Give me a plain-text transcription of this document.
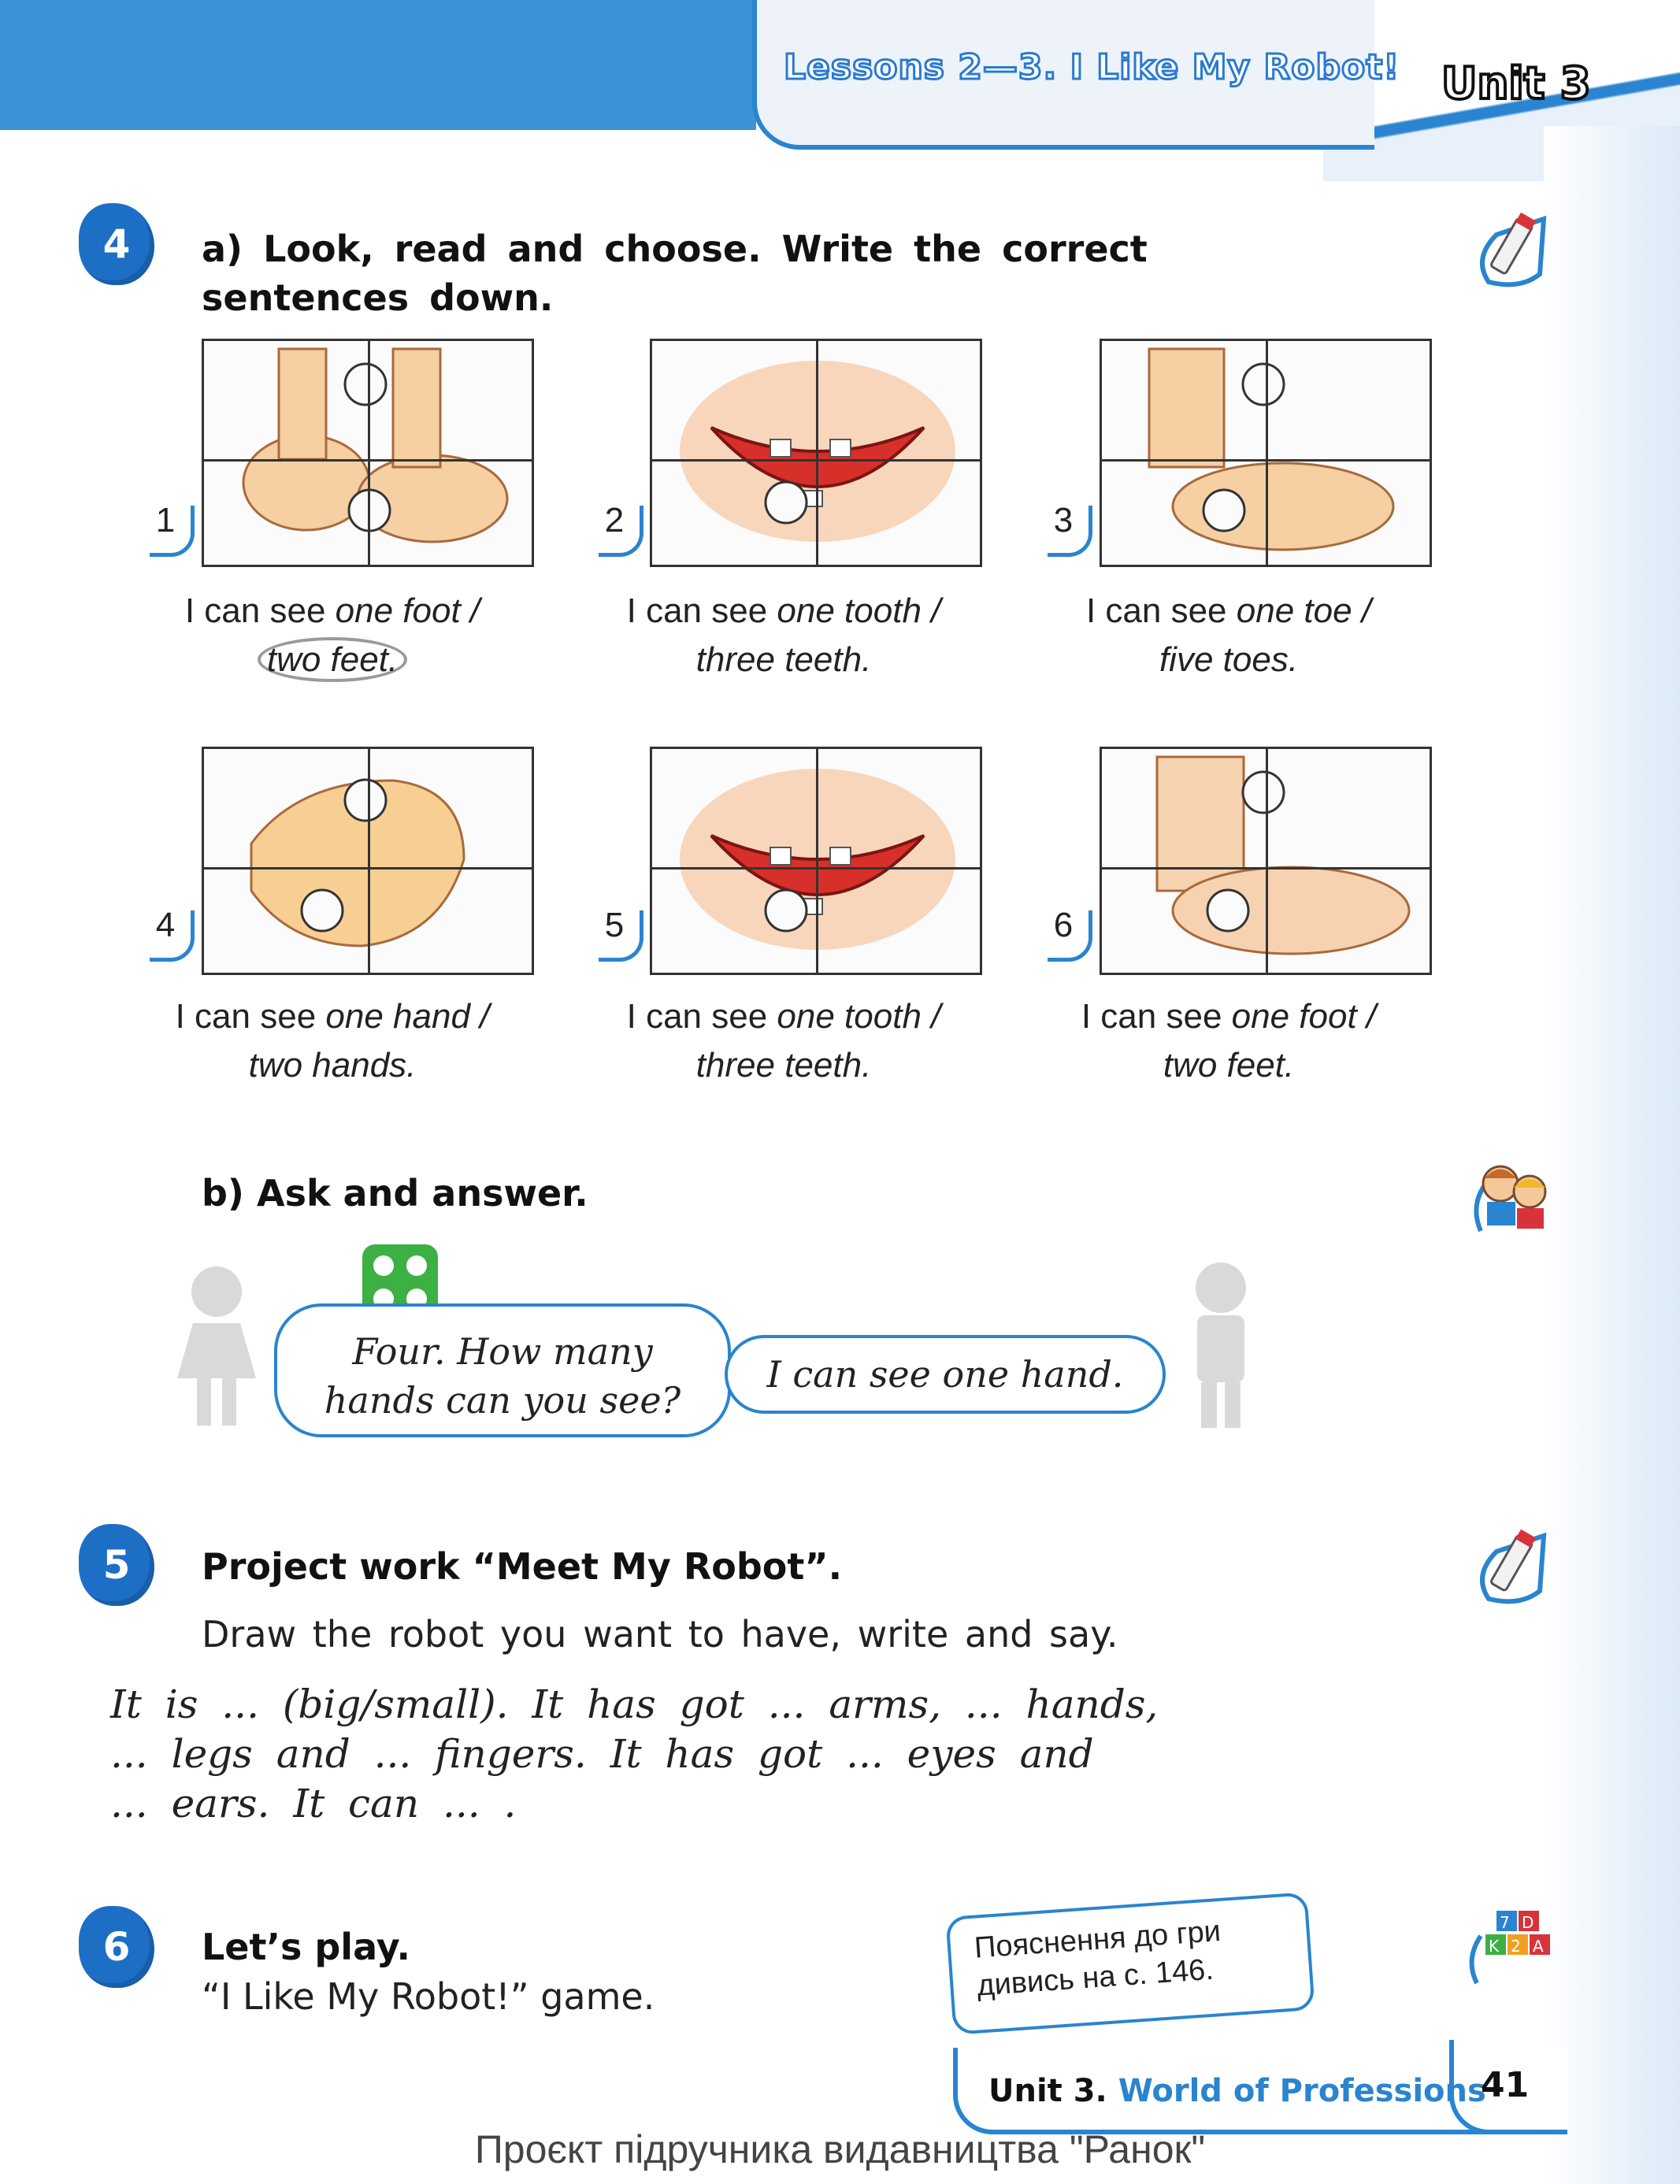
Lessons 2—3. I Like My Robot! Unit 3
4	a) Look, read and choose. Write the correct sentences down.
1	2	3
I can see one foot /
two feet.
I can see one tooth /
three teeth.
I can see one toe /
five toes.
4	5	6
I can see one hand /
two hands.
I can see one tooth /
three teeth.
I can see one foot /
two feet.
b) Ask and answer.
Four. How many
hands can you see?
I can see one hand.
5	Project work “Meet My Robot”.
Draw the robot you want to have, write and say.
It is ... (big/small). It has got ... arms, ... hands,
... legs and ... fingers. It has got ... eyes and
... ears. It can ... .
6	Let’s play.
“I Like My Robot!” game.
Пояснення до гри
дивись на с. 146.
7 D
K 2 A
Unit 3. World of Professions
41
Проєкт підручника видавництва "Ранок"
